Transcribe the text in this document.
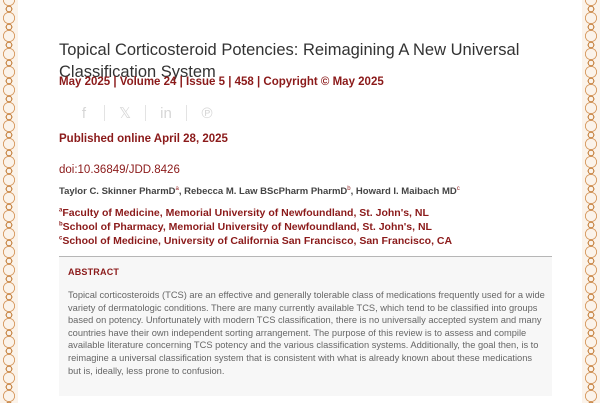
Topical Corticosteroid Potencies: Reimagining A New Universal Classification System
May 2025 | Volume 24 | Issue 5 | 458 | Copyright © May 2025
f	𝕏	in	℗
Published online April 28, 2025
doi:10.36849/JDD.8426
Taylor C. Skinner PharmD$^a$, Rebecca M. Law BScPharm PharmD$^b$, Howard I. Maibach $MD^c$
$^a$Faculty of Medicine, Memorial University of Newfoundland, St. John's, NL
$^b$School of Pharmacy, Memorial University of Newfoundland, St. John's, NL
$^c$School of Medicine, University of California San Francisco, San Francisco, CA
ABSTRACT
Topical corticosteroids (TCS) are an effective and generally tolerable class of medications frequently used for a wide variety of dermatologic conditions. There are many currently available TCS, which tend to be classified into groups based on potency. Unfortunately with modern TCS classification, there is no universally accepted system and many countries have their own independent sorting arrangement. The purpose of this review is to assess and compile available literature concerning TCS potency and the various classification systems. Additionally, the goal then, is to reimagine a universal classification system that is consistent with what is already known about these medications but is, ideally, less prone to confusion.
